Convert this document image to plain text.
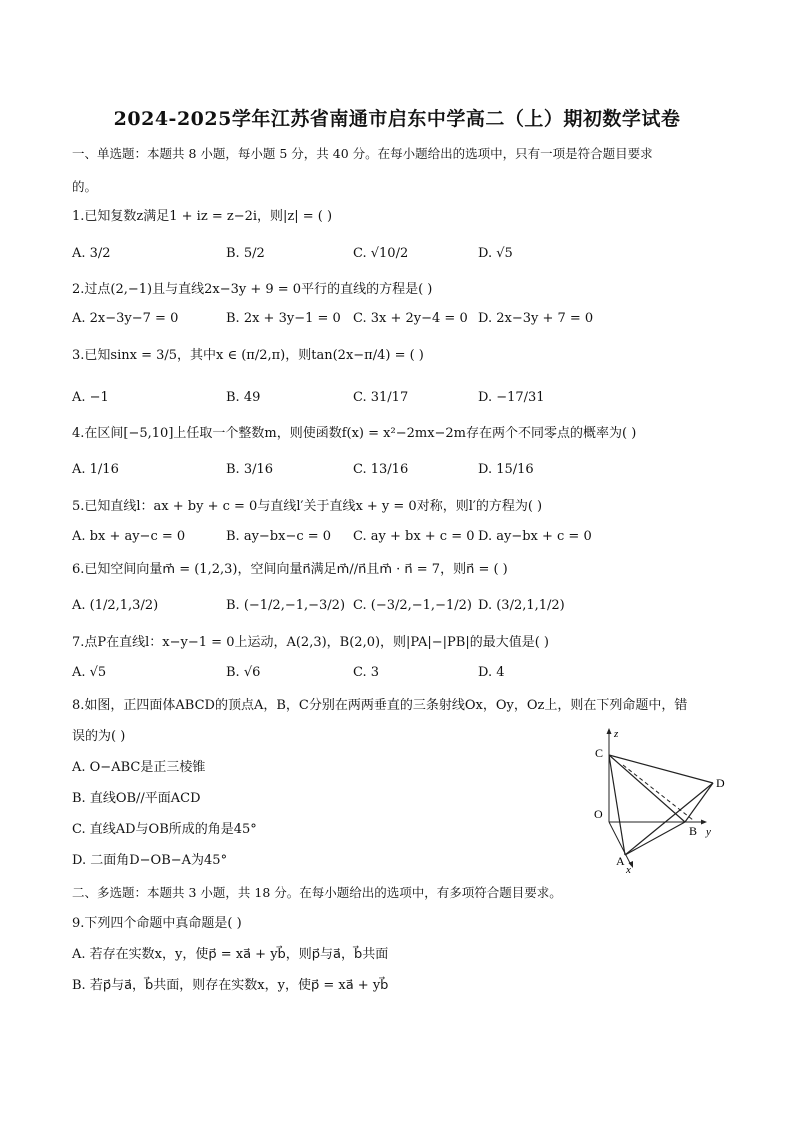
2024-2025学年江苏省南通市启东中学高二（上）期初数学试卷
一、单选题：本题共 8 小题，每小题 5 分，共 40 分。在每小题给出的选项中，只有一项是符合题目要求
的。
1.已知复数z满足1 + iz = z−2i，则|z| = ( )
A. 3/2	B. 5/2	C. √10/2	D. √5
2.过点(2,−1)且与直线2x−3y + 9 = 0平行的直线的方程是( )
A. 2x−3y−7 = 0	B. 2x + 3y−1 = 0 C. 3x + 2y−4 = 0 D. 2x−3y + 7 = 0
3.已知sinx = 3/5，其中x ∈ (π/2,π)，则tan(2x−π/4) = ( )
A. −1	B. 49	C. 31/17	D. −17/31
4.在区间[−5,10]上任取一个整数m，则使函数f(x) = x²−2mx−2m存在两个不同零点的概率为( )
A. 1/16	B. 3/16	C. 13/16	D. 15/16
5.已知直线l：ax + by + c = 0与直线l′关于直线x + y = 0对称，则l′的方程为( )
A. bx + ay−c = 0	B. ay−bx−c = 0 C. ay + bx + c = 0 D. ay−bx + c = 0
6.已知空间向量m⃗ = (1,2,3)，空间向量n⃗满足m⃗//n⃗且m⃗ · n⃗ = 7，则n⃗ = ( )
A. (1/2,1,3/2)	B. (−1/2,−1,−3/2) C. (−3/2,−1,−1/2) D. (3/2,1,1/2)
7.点P在直线l：x−y−1 = 0上运动，A(2,3)，B(2,0)，则|PA|−|PB|的最大值是( )
A. √5	B. √6	C. 3	D. 4
8.如图，正四面体ABCD的顶点A，B，C分别在两两垂直的三条射线Ox，Oy，Oz上，则在下列命题中，错
误的为( )
A. O−ABC是正三棱锥
B. 直线OB//平面ACD
C. 直线AD与OB所成的角是45°
D. 二面角D−OB−A为45°
z
C
D
O
B y
A
x
二、多选题：本题共 3 小题，共 18 分。在每小题给出的选项中，有多项符合题目要求。
9.下列四个命题中真命题是( )
A. 若存在实数x，y，使p⃗ = xa⃗ + yb⃗，则p⃗与a⃗，b⃗共面
B. 若p⃗与a⃗，b⃗共面，则存在实数x，y，使p⃗ = xa⃗ + yb⃗
